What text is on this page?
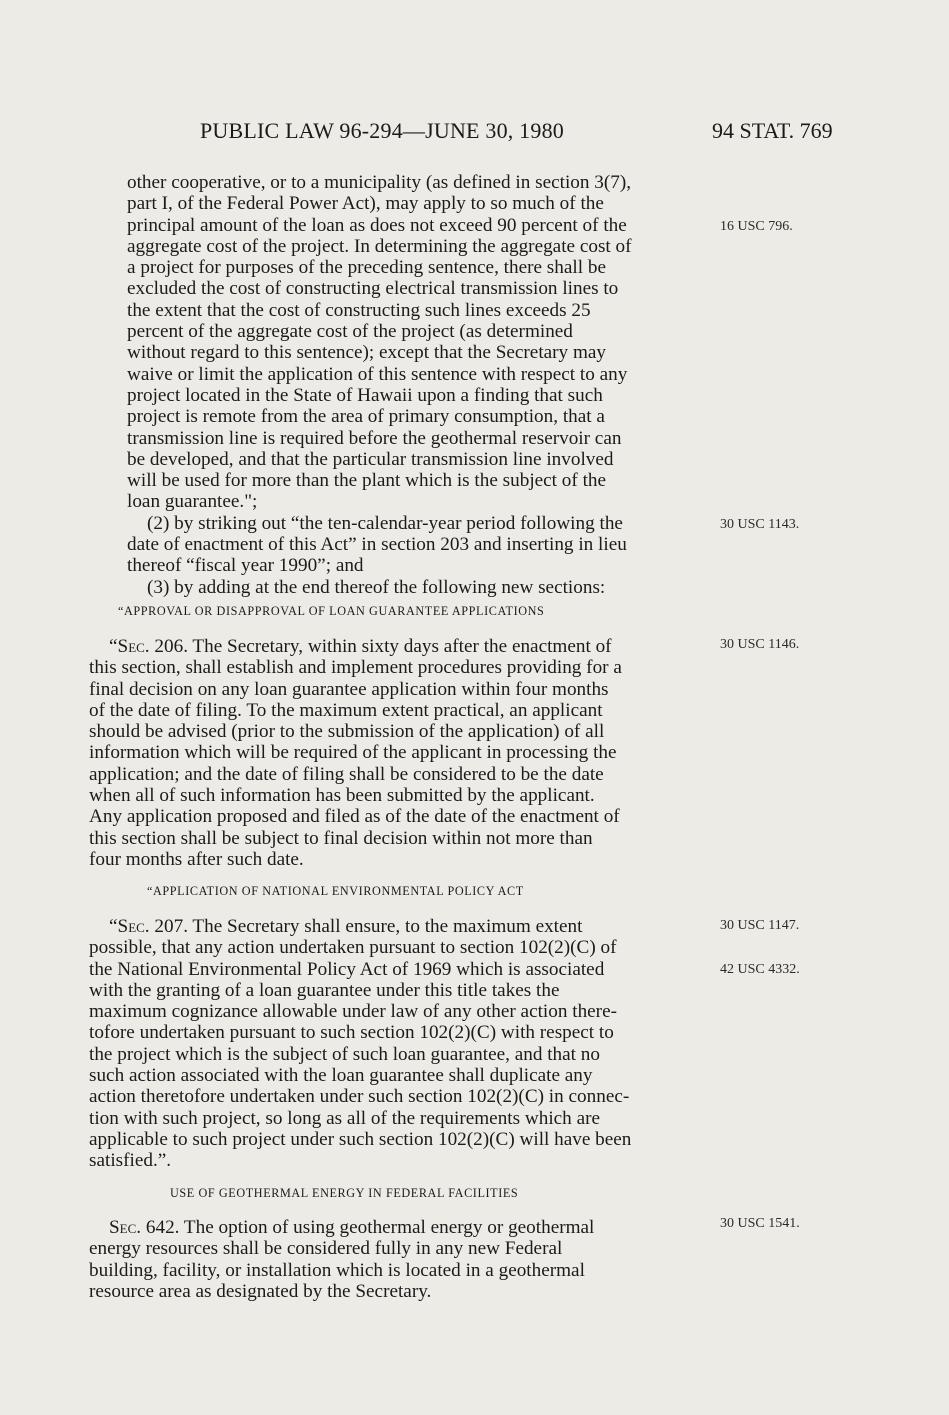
PUBLIC LAW 96-294—JUNE 30, 1980	94 STAT. 769

other cooperative, or to a municipality (as defined in section 3(7),

part I, of the Federal Power Act), may apply to so much of the

principal amount of the loan as does not exceed 90 percent of the

aggregate cost of the project. In determining the aggregate cost of

a project for purposes of the preceding sentence, there shall be

excluded the cost of constructing electrical transmission lines to

the extent that the cost of constructing such lines exceeds 25

percent of the aggregate cost of the project (as determined

without regard to this sentence); except that the Secretary may

waive or limit the application of this sentence with respect to any

project located in the State of Hawaii upon a finding that such

project is remote from the area of primary consumption, that a

transmission line is required before the geothermal reservoir can

be developed, and that the particular transmission line involved

will be used for more than the plant which is the subject of the

loan guarantee.";

(2) by striking out “the ten-calendar-year period following the

date of enactment of this Act” in section 203 and inserting in lieu

thereof “fiscal year 1990”; and

(3) by adding at the end thereof the following new sections:

“APPROVAL OR DISAPPROVAL OF LOAN GUARANTEE APPLICATIONS

“Sec. 206. The Secretary, within sixty days after the enactment of

this section, shall establish and implement procedures providing for a

final decision on any loan guarantee application within four months

of the date of filing. To the maximum extent practical, an applicant

should be advised (prior to the submission of the application) of all

information which will be required of the applicant in processing the

application; and the date of filing shall be considered to be the date

when all of such information has been submitted by the applicant.

Any application proposed and filed as of the date of the enactment of

this section shall be subject to final decision within not more than

four months after such date.

“APPLICATION OF NATIONAL ENVIRONMENTAL POLICY ACT

“Sec. 207. The Secretary shall ensure, to the maximum extent

possible, that any action undertaken pursuant to section 102(2)(C) of

the National Environmental Policy Act of 1969 which is associated

with the granting of a loan guarantee under this title takes the

maximum cognizance allowable under law of any other action there-

tofore undertaken pursuant to such section 102(2)(C) with respect to

the project which is the subject of such loan guarantee, and that no

such action associated with the loan guarantee shall duplicate any

action theretofore undertaken under such section 102(2)(C) in connec-

tion with such project, so long as all of the requirements which are

applicable to such project under such section 102(2)(C) will have been

satisfied.”.

USE OF GEOTHERMAL ENERGY IN FEDERAL FACILITIES

Sec. 642. The option of using geothermal energy or geothermal

energy resources shall be considered fully in any new Federal

building, facility, or installation which is located in a geothermal

resource area as designated by the Secretary.

16 USC 796.
30 USC 1143.
30 USC 1146.
30 USC 1147.
42 USC 4332.
30 USC 1541.
